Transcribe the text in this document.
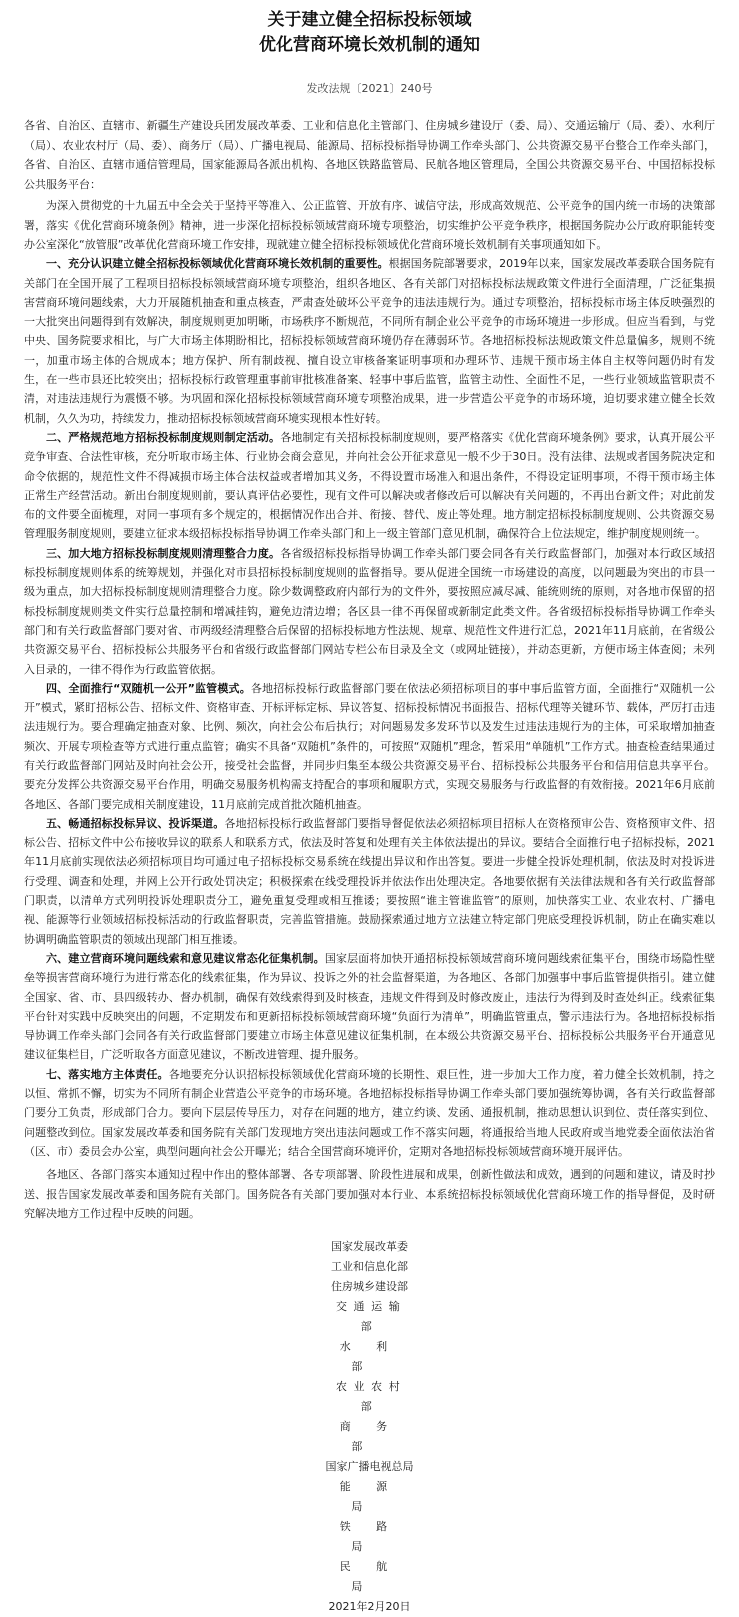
关于建立健全招标投标领域
优化营商环境长效机制的通知
发改法规〔2021〕240号

各省、自治区、直辖市、新疆生产建设兵团发展改革委、工业和信息化主管部门、住房城乡建设厅（委、局）、交通运输厅（局、委）、水利厅（局）、农业农村厅（局、委）、商务厅（局）、广播电视局、能源局、招标投标指导协调工作牵头部门、公共资源交易平台整合工作牵头部门，各省、自治区、直辖市通信管理局，国家能源局各派出机构、各地区铁路监管局、民航各地区管理局，全国公共资源交易平台、中国招标投标公共服务平台：

为深入贯彻党的十九届五中全会关于坚持平等准入、公正监管、开放有序、诚信守法，形成高效规范、公平竞争的国内统一市场的决策部署，落实《优化营商环境条例》精神，进一步深化招标投标领域营商环境专项整治，切实维护公平竞争秩序，根据国务院办公厅政府职能转变办公室深化“放管服”改革优化营商环境工作安排，现就建立健全招标投标领域优化营商环境长效机制有关事项通知如下。

一、充分认识建立健全招标投标领域优化营商环境长效机制的重要性。根据国务院部署要求，2019年以来，国家发展改革委联合国务院有关部门在全国开展了工程项目招标投标领域营商环境专项整治，组织各地区、各有关部门对招标投标法规政策文件进行全面清理，广泛征集损害营商环境问题线索，大力开展随机抽查和重点核查，严肃查处破坏公平竞争的违法违规行为。通过专项整治，招标投标市场主体反映强烈的一大批突出问题得到有效解决，制度规则更加明晰，市场秩序不断规范，不同所有制企业公平竞争的市场环境进一步形成。但应当看到，与党中央、国务院要求相比，与广大市场主体期盼相比，招标投标领域营商环境仍存在薄弱环节。各地招标投标法规政策文件总量偏多，规则不统一，加重市场主体的合规成本；地方保护、所有制歧视、擅自设立审核备案证明事项和办理环节、违规干预市场主体自主权等问题仍时有发生，在一些市县还比较突出；招标投标行政管理重事前审批核准备案、轻事中事后监管，监管主动性、全面性不足，一些行业领域监管职责不清，对违法违规行为震慑不够。为巩固和深化招标投标领域营商环境专项整治成果，进一步营造公平竞争的市场环境，迫切要求建立健全长效机制，久久为功，持续发力，推动招标投标领域营商环境实现根本性好转。

二、严格规范地方招标投标制度规则制定活动。各地制定有关招标投标制度规则，要严格落实《优化营商环境条例》要求，认真开展公平竞争审查、合法性审核，充分听取市场主体、行业协会商会意见，并向社会公开征求意见一般不少于30日。没有法律、法规或者国务院决定和命令依据的，规范性文件不得减损市场主体合法权益或者增加其义务，不得设置市场准入和退出条件，不得设定证明事项，不得干预市场主体正常生产经营活动。新出台制度规则前，要认真评估必要性，现有文件可以解决或者修改后可以解决有关问题的，不再出台新文件；对此前发布的文件要全面梳理，对同一事项有多个规定的，根据情况作出合并、衔接、替代、废止等处理。地方制定招标投标制度规则、公共资源交易管理服务制度规则，要建立征求本级招标投标指导协调工作牵头部门和上一级主管部门意见机制，确保符合上位法规定，维护制度规则统一。

三、加大地方招标投标制度规则清理整合力度。各省级招标投标指导协调工作牵头部门要会同各有关行政监督部门，加强对本行政区域招标投标制度规则体系的统筹规划，并强化对市县招标投标制度规则的监督指导。要从促进全国统一市场建设的高度，以问题最为突出的市县一级为重点，加大招标投标制度规则清理整合力度。除少数调整政府内部行为的文件外，要按照应减尽减、能统则统的原则，对各地市保留的招标投标制度规则类文件实行总量控制和增减挂钩，避免边清边增；各区县一律不再保留或新制定此类文件。各省级招标投标指导协调工作牵头部门和有关行政监督部门要对省、市两级经清理整合后保留的招标投标地方性法规、规章、规范性文件进行汇总，2021年11月底前，在省级公共资源交易平台、招标投标公共服务平台和省级行政监督部门网站专栏公布目录及全文（或网址链接），并动态更新，方便市场主体查阅；未列入目录的，一律不得作为行政监管依据。

四、全面推行“双随机一公开”监管模式。各地招标投标行政监督部门要在依法必须招标项目的事中事后监管方面，全面推行“双随机一公开”模式，紧盯招标公告、招标文件、资格审查、开标评标定标、异议答复、招标投标情况书面报告、招标代理等关键环节、载体，严厉打击违法违规行为。要合理确定抽查对象、比例、频次，向社会公布后执行；对问题易发多发环节以及发生过违法违规行为的主体，可采取增加抽查频次、开展专项检查等方式进行重点监管；确实不具备“双随机”条件的，可按照“双随机”理念，暂采用“单随机”工作方式。抽查检查结果通过有关行政监督部门网站及时向社会公开，接受社会监督，并同步归集至本级公共资源交易平台、招标投标公共服务平台和信用信息共享平台。要充分发挥公共资源交易平台作用，明确交易服务机构需支持配合的事项和履职方式，实现交易服务与行政监督的有效衔接。2021年6月底前各地区、各部门要完成相关制度建设，11月底前完成首批次随机抽查。

五、畅通招标投标异议、投诉渠道。各地招标投标行政监督部门要指导督促依法必须招标项目招标人在资格预审公告、资格预审文件、招标公告、招标文件中公布接收异议的联系人和联系方式，依法及时答复和处理有关主体依法提出的异议。要结合全面推行电子招标投标，2021年11月底前实现依法必须招标项目均可通过电子招标投标交易系统在线提出异议和作出答复。要进一步健全投诉处理机制，依法及时对投诉进行受理、调查和处理，并网上公开行政处罚决定；积极探索在线受理投诉并依法作出处理决定。各地要依据有关法律法规和各有关行政监督部门职责，以清单方式列明投诉处理职责分工，避免重复受理或相互推诿；要按照“谁主管谁监管”的原则，加快落实工业、农业农村、广播电视、能源等行业领域招标投标活动的行政监督职责，完善监管措施。鼓励探索通过地方立法建立特定部门兜底受理投诉机制，防止在确实难以协调明确监管职责的领域出现部门相互推诿。

六、建立营商环境问题线索和意见建议常态化征集机制。国家层面将加快开通招标投标领域营商环境问题线索征集平台，围绕市场隐性壁垒等损害营商环境行为进行常态化的线索征集，作为异议、投诉之外的社会监督渠道，为各地区、各部门加强事中事后监管提供指引。建立健全国家、省、市、县四级转办、督办机制，确保有效线索得到及时核查，违规文件得到及时修改废止，违法行为得到及时查处纠正。线索征集平台针对实践中反映突出的问题，不定期发布和更新招标投标领域营商环境“负面行为清单”，明确监管重点，警示违法行为。各地招标投标指导协调工作牵头部门会同各有关行政监督部门要建立市场主体意见建议征集机制，在本级公共资源交易平台、招标投标公共服务平台开通意见建议征集栏目，广泛听取各方面意见建议，不断改进管理、提升服务。

七、落实地方主体责任。各地要充分认识招标投标领域优化营商环境的长期性、艰巨性，进一步加大工作力度，着力健全长效机制，持之以恒、常抓不懈，切实为不同所有制企业营造公平竞争的市场环境。各地招标投标指导协调工作牵头部门要加强统筹协调，各有关行政监督部门要分工负责，形成部门合力。要向下层层传导压力，对存在问题的地方，建立约谈、发函、通报机制，推动思想认识到位、责任落实到位、问题整改到位。国家发展改革委和国务院有关部门发现地方突出违法问题或工作不落实问题，将通报给当地人民政府或当地党委全面依法治省（区、市）委员会办公室，典型问题向社会公开曝光；结合全国营商环境评价，定期对各地招标投标领域营商环境开展评估。

各地区、各部门落实本通知过程中作出的整体部署、各专项部署、阶段性进展和成果，创新性做法和成效，遇到的问题和建议，请及时抄送、报告国家发展改革委和国务院有关部门。国务院各有关部门要加强对本行业、本系统招标投标领域优化营商环境工作的指导督促，及时研究解决地方工作过程中反映的问题。

国家发展改革委
工业和信息化部
住房城乡建设部
交通运输部
水利部
农业农村部
商务部
国家广播电视总局
能源局
铁路局
民航局
2021年2月20日
